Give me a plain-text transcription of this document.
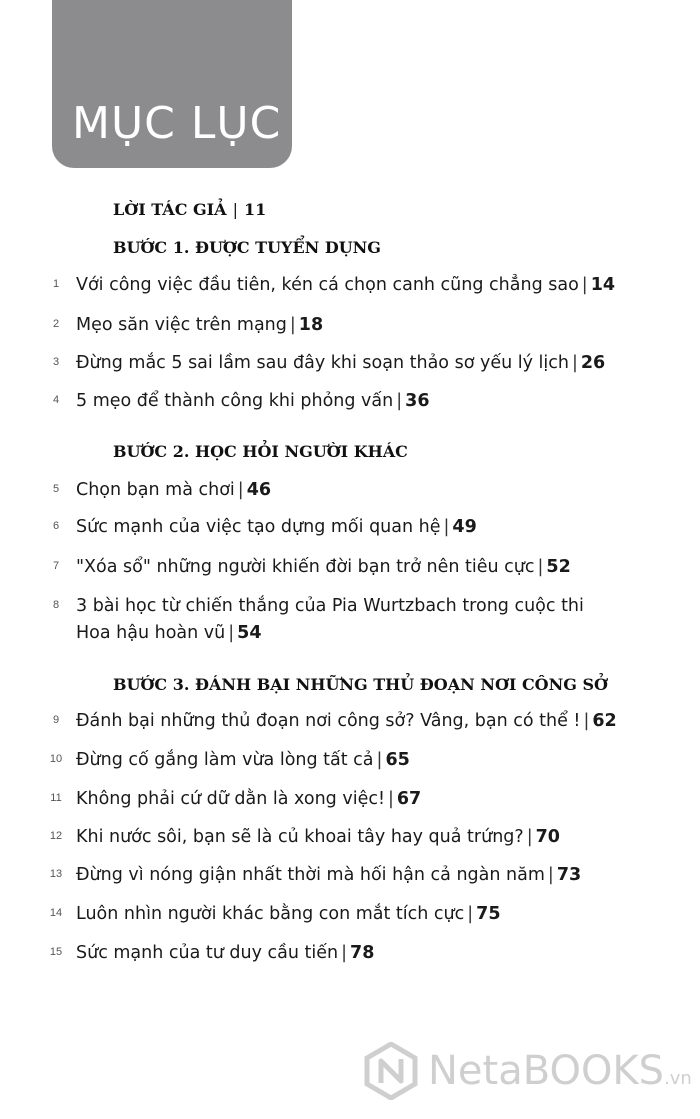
MỤC LỤC
LỜI TÁC GIẢ | 11
BƯỚC 1. ĐƯỢC TUYỂN DỤNG
1 Với công việc đầu tiên, kén cá chọn canh cũng chẳng sao | 14
2 Mẹo săn việc trên mạng | 18
3 Đừng mắc 5 sai lầm sau đây khi soạn thảo sơ yếu lý lịch | 26
4 5 mẹo để thành công khi phỏng vấn | 36
BƯỚC 2. HỌC HỎI NGƯỜI KHÁC
5 Chọn bạn mà chơi | 46
6 Sức mạnh của việc tạo dựng mối quan hệ | 49
7 "Xóa sổ" những người khiến đời bạn trở nên tiêu cực | 52
8 3 bài học từ chiến thắng của Pia Wurtzbach trong cuộc thi
Hoa hậu hoàn vũ | 54
BƯỚC 3. ĐÁNH BẠI NHỮNG THỦ ĐOẠN NƠI CÔNG SỞ
9 Đánh bại những thủ đoạn nơi công sở? Vâng, bạn có thể ! | 62
10 Đừng cố gắng làm vừa lòng tất cả | 65
11 Không phải cứ dữ dằn là xong việc! | 67
12 Khi nước sôi, bạn sẽ là củ khoai tây hay quả trứng? | 70
13 Đừng vì nóng giận nhất thời mà hối hận cả ngàn năm | 73
14 Luôn nhìn người khác bằng con mắt tích cực | 75
15 Sức mạnh của tư duy cầu tiến | 78
NetaBOOKS.vn
